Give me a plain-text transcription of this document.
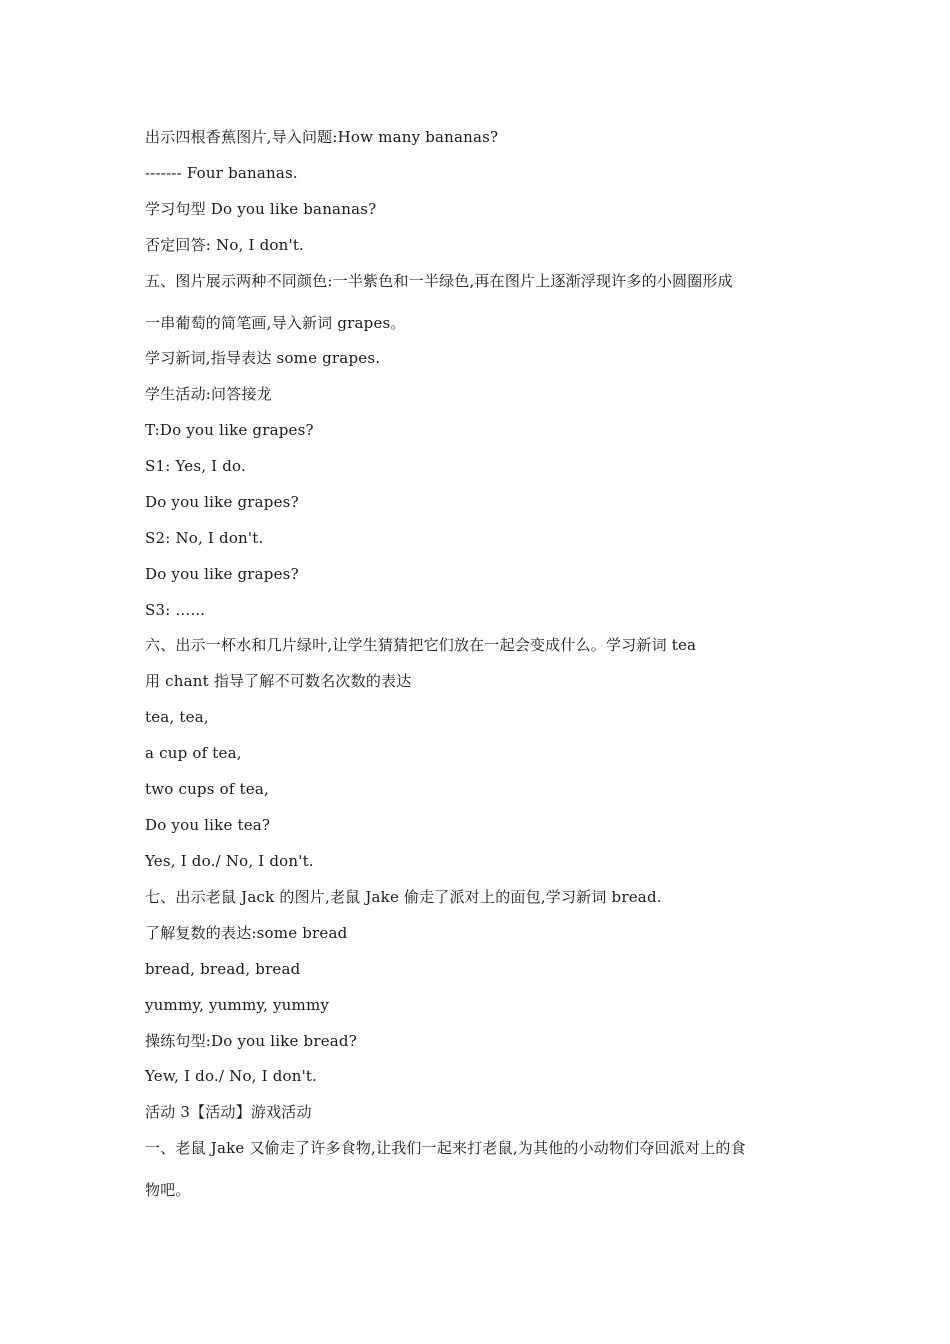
出示四根香蕉图片,导入问题:How many bananas?
------- Four bananas.
学习句型 Do you like bananas?
否定回答: No, I don't.
五、图片展示两种不同颜色:一半紫色和一半绿色,再在图片上逐渐浮现许多的小圆圈形成
一串葡萄的简笔画,导入新词 grapes。
学习新词,指导表达 some grapes.
学生活动:问答接龙
T:Do you like grapes?
S1: Yes, I do.
Do you like grapes?
S2: No, I don't.
Do you like grapes?
S3: ......
六、出示一杯水和几片绿叶,让学生猜猜把它们放在一起会变成什么。学习新词 tea
用 chant 指导了解不可数名次数的表达
tea, tea,
a cup of tea,
two cups of tea,
Do you like tea?
Yes, I do./ No, I don't.
七、出示老鼠 Jack 的图片,老鼠 Jake 偷走了派对上的面包,学习新词 bread.
了解复数的表达:some bread
bread, bread, bread
yummy, yummy, yummy
操练句型:Do you like bread?
Yew, I do./ No, I don't.
活动 3【活动】游戏活动
一、老鼠 Jake 又偷走了许多食物,让我们一起来打老鼠,为其他的小动物们夺回派对上的食
物吧。
